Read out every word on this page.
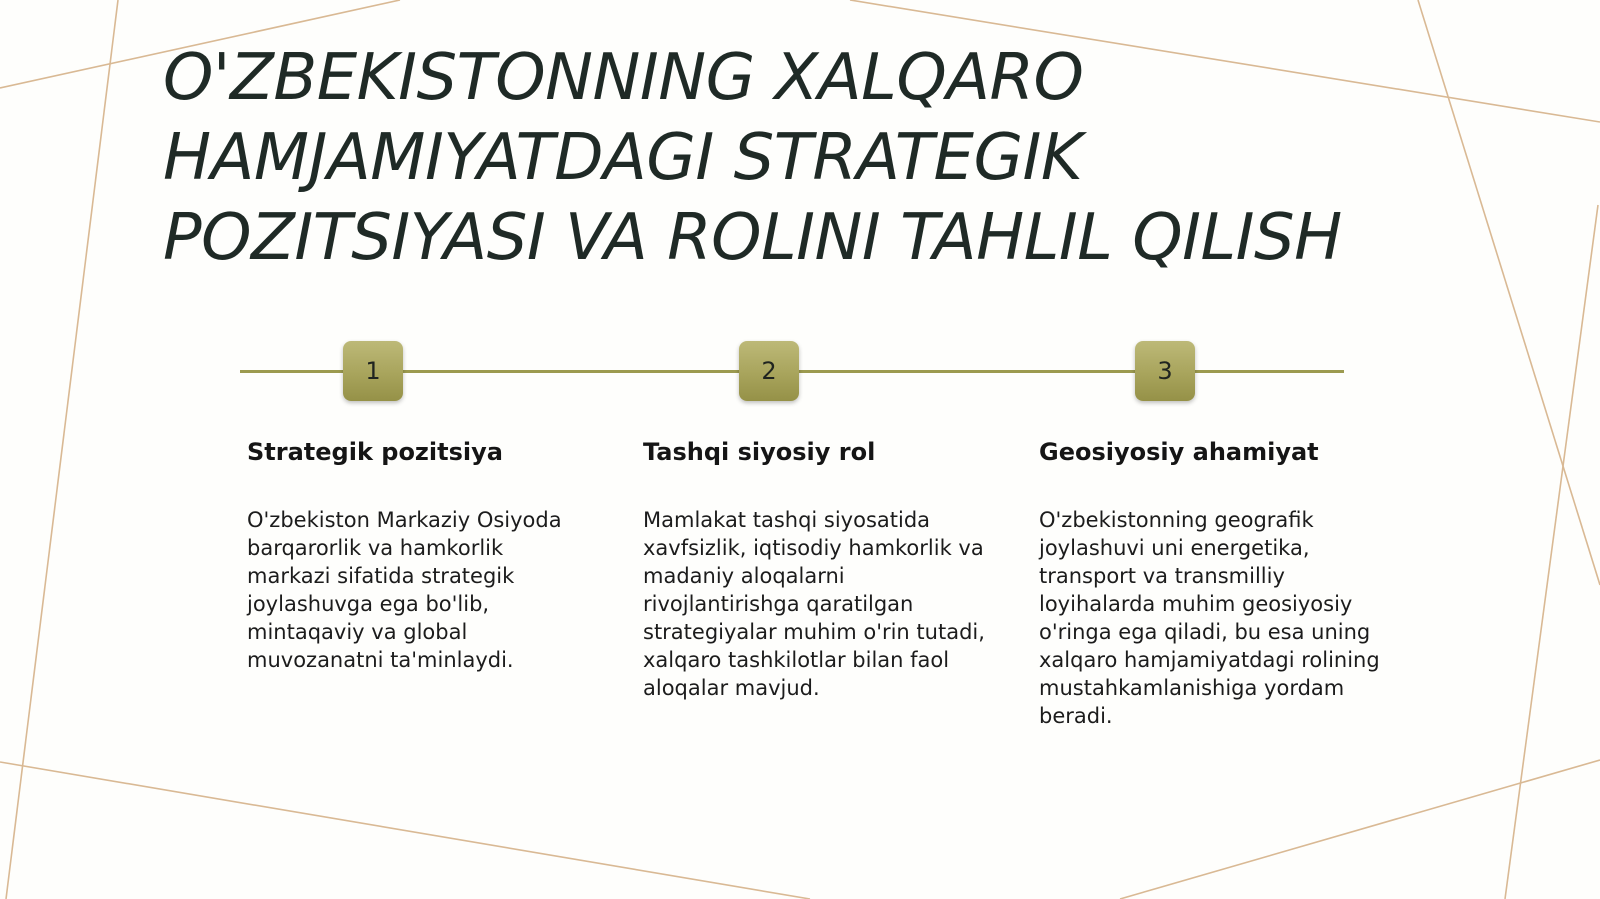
O'ZBEKISTONNING XALQARO HAMJAMIYATDAGI STRATEGIK POZITSIYASI VA ROLINI TAHLIL QILISH
1	2	3
Strategik pozitsiya

O'zbekiston Markaziy Osiyoda barqarorlik va hamkorlik markazi sifatida strategik joylashuvga ega bo'lib, mintaqaviy va global muvozanatni ta'minlaydi.

Tashqi siyosiy rol

Mamlakat tashqi siyosatida xavfsizlik, iqtisodiy hamkorlik va madaniy aloqalarni rivojlantirishga qaratilgan strategiyalar muhim o'rin tutadi, xalqaro tashkilotlar bilan faol aloqalar mavjud.

Geosiyosiy ahamiyat

O'zbekistonning geografik joylashuvi uni energetika, transport va transmilliy loyihalarda muhim geosiyosiy o'ringa ega qiladi, bu esa uning xalqaro hamjamiyatdagi rolining mustahkamlanishiga yordam beradi.
